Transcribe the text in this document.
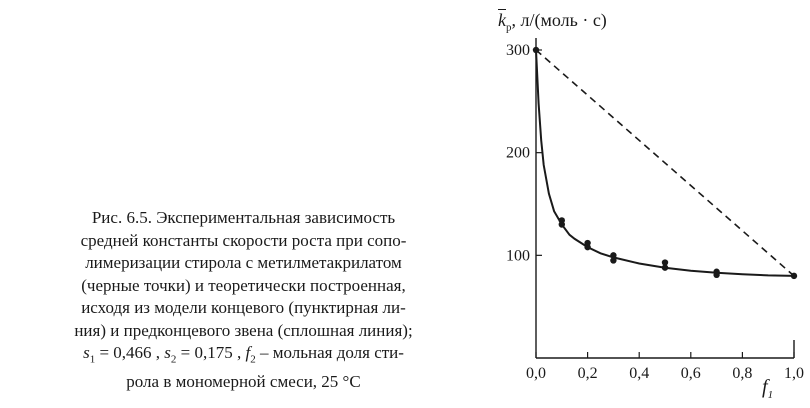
Рис. 6.5. Экспериментальная зависимость

средней константы скорости роста при сопо-

лимеризации стирола с метилметакрилатом

(черные точки) и теоретически построенная,

исходя из модели концевого (пунктирная ли-

ния) и предконцевого звена (сплошная линия);

$s_1 = 0,466$ , $s_2 = 0,175$ , $f_2$ – мольная доля сти-

рола в мономерной смеси, 25 °С

$\overline{k}_р$, л/(моль · с)
$f_1$
0,0 0,2 0,4 0,6 0,8 1,0
100
200
300
